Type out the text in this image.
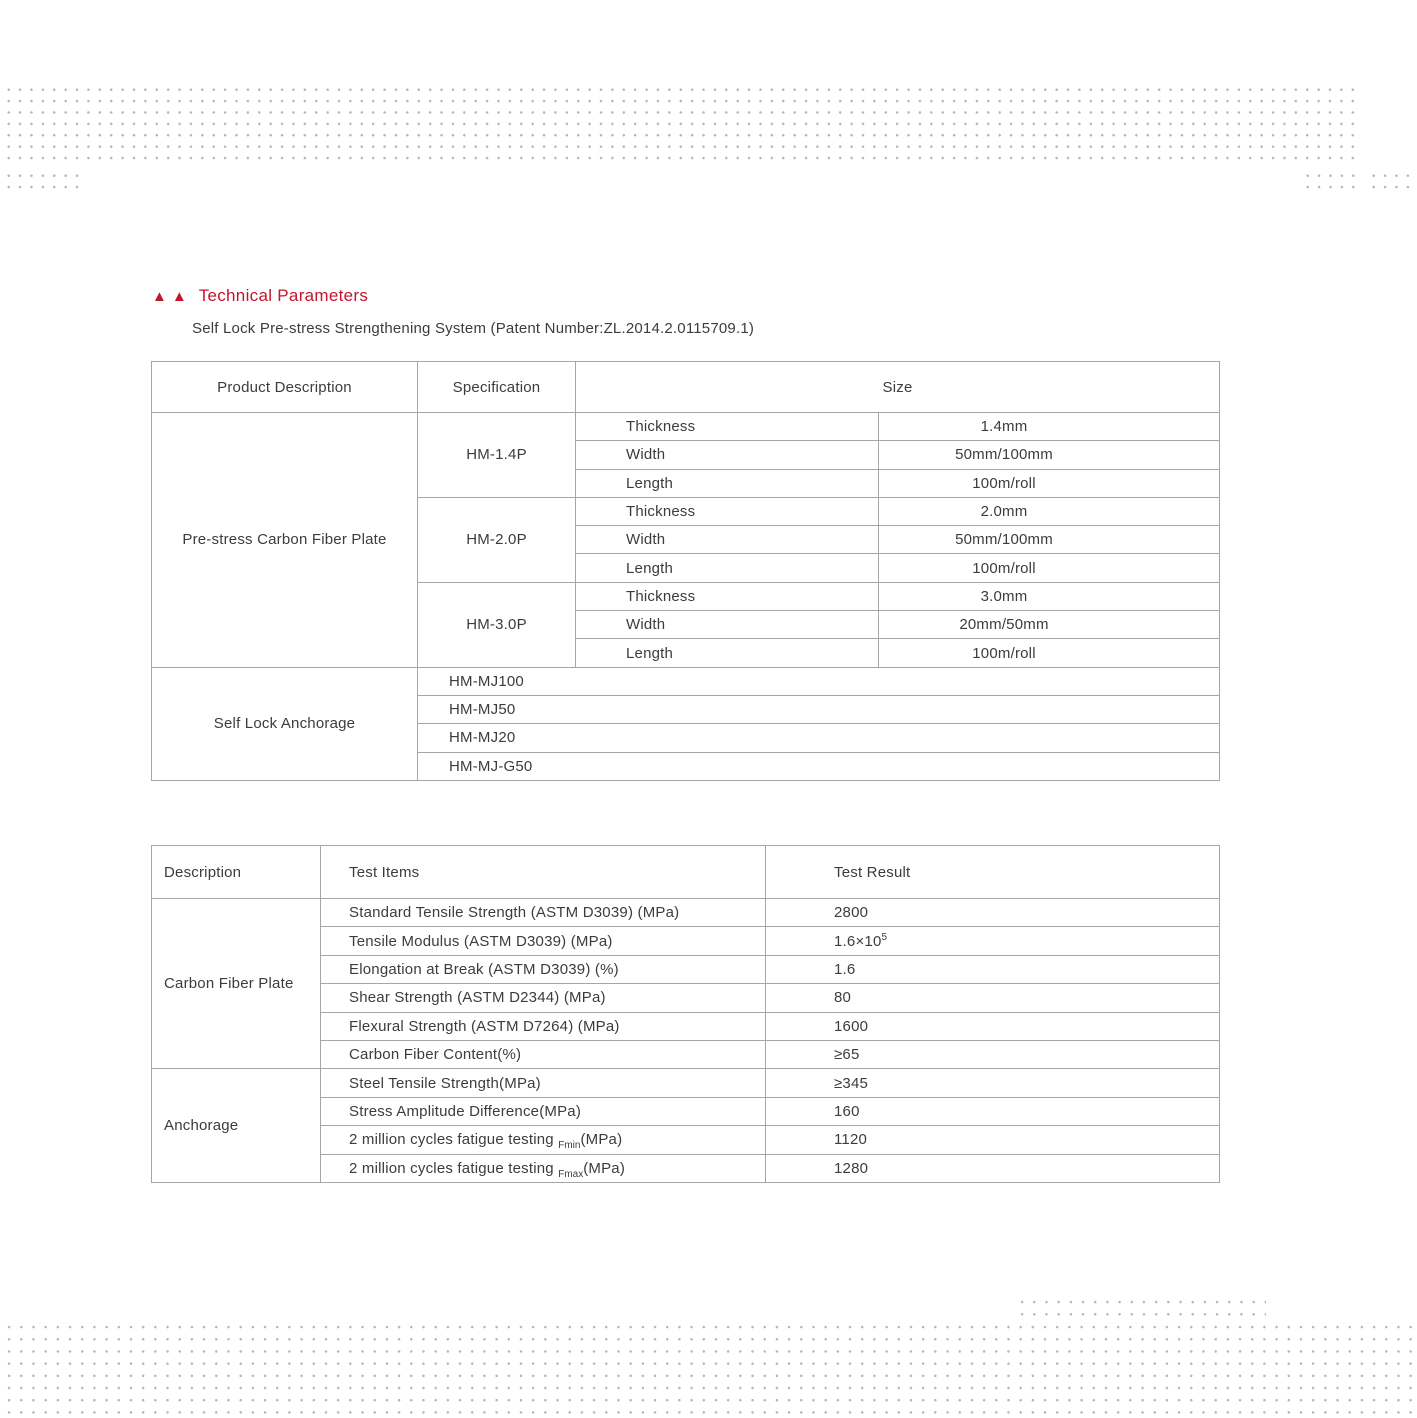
▲▲ Technical Parameters
Self Lock Pre-stress Strengthening System (Patent Number:ZL.2014.2.0115709.1)
Product Description	Specification	Size	
Pre-stress Carbon Fiber Plate	HM-1.4P	Thickness	1.4mm
		Width	50mm/100mm
		Length	100m/roll
	HM-2.0P	Thickness	2.0mm
		Width	50mm/100mm
		Length	100m/roll
	HM-3.0P	Thickness	3.0mm
		Width	20mm/50mm
		Length	100m/roll
Self Lock Anchorage	HM-MJ100		
	HM-MJ50		
	HM-MJ20		
	HM-MJ-G50		
Description	Test Items	Test Result
Carbon Fiber Plate	Standard Tensile Strength (ASTM D3039) (MPa)	2800
	Tensile Modulus (ASTM D3039) (MPa)	$1.6\times 10^5$
	Elongation at Break (ASTM D3039) (%)	1.6
	Shear Strength (ASTM D2344) (MPa)	80
	Flexural Strength (ASTM D7264) (MPa)	1600
	Carbon Fiber Content(%)	≥65
Anchorage	Steel Tensile Strength(MPa)	≥345
	Stress Amplitude Difference(MPa)	160
	2 million cycles fatigue testing $_{Fmin}$(MPa)	1120
	2 million cycles fatigue testing $_{Fmax}$(MPa)	1280
